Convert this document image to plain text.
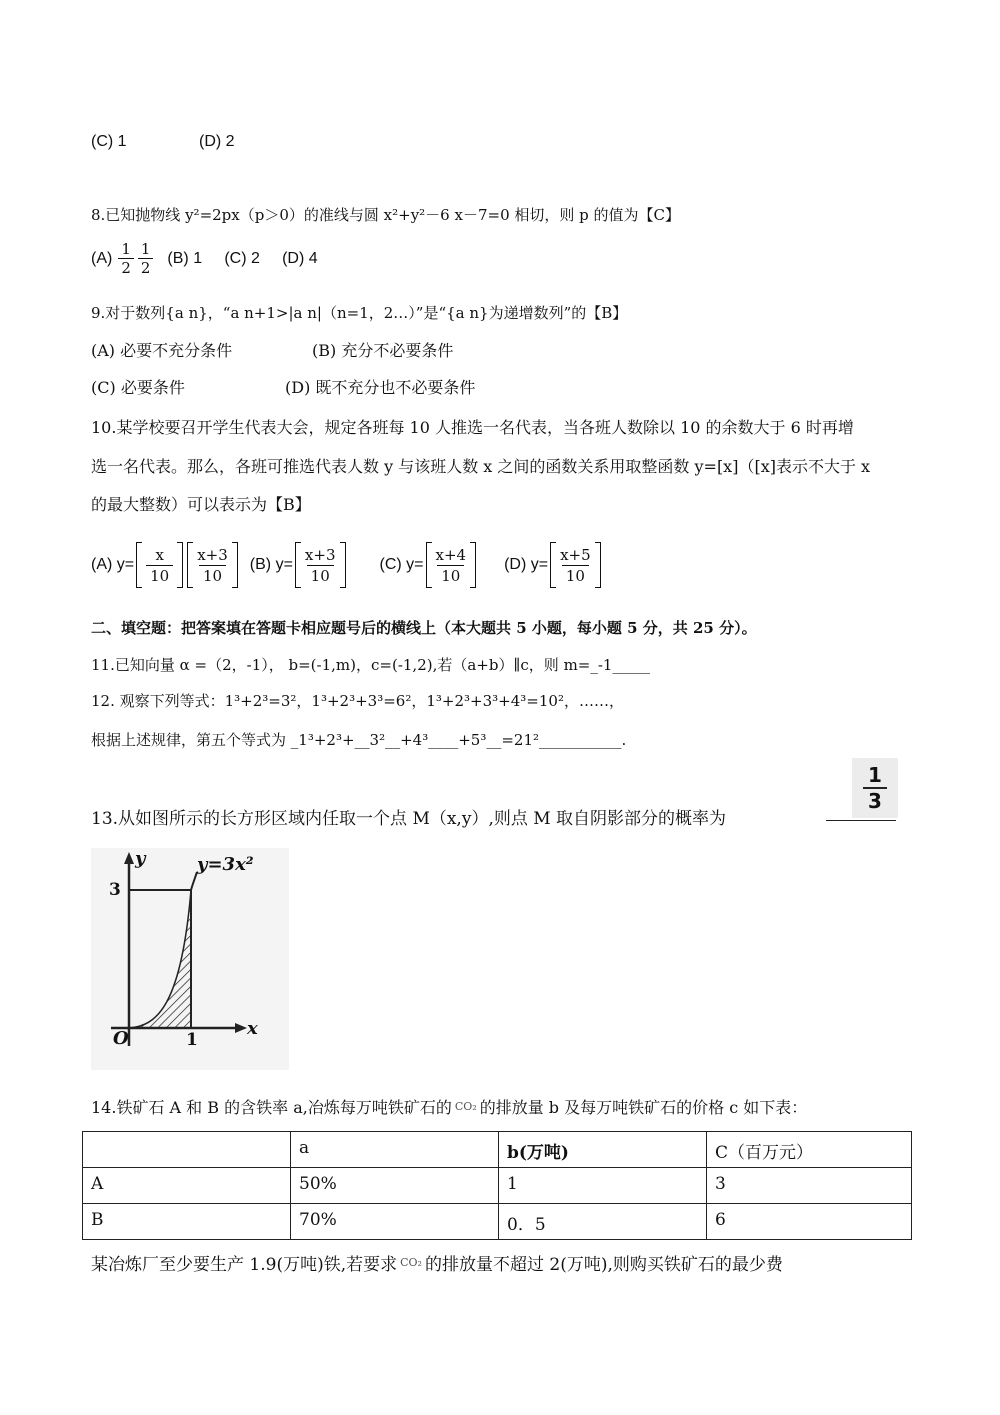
(C) 1	(D) 2
8.已知抛物线 y²=2px（p＞0）的准线与圆 x²+y²－6 x－7=0 相切，则 p 的值为【C】
$(A) \frac{1}{2} \frac{1}{2} (B)$ 1     (C) 2     (D) 4
9.对于数列{a n}，“a n+1>|a n|（n=1，2…）”是“{a n}为递增数列”的【B】
(A) 必要不充分条件	(B) 充分不必要条件
(C) 必要条件	(D) 既不充分也不必要条件
10.某学校要召开学生代表大会，规定各班每 10 人推选一名代表，当各班人数除以 10 的余数大于 6 时再增
选一名代表。那么，各班可推选代表人数 y 与该班人数 x 之间的函数关系用取整函数 y=[x]（[x]表示不大于 x
的最大整数）可以表示为【B】
(A) $y= \frac{x}{10} \frac{x+3}{10} (B)$ $y= \frac{x+3}{10}$	(C) $y= \frac{x+4}{10} (D)$ $y= \frac{x+5}{10}$
二、填空题：把答案填在答题卡相应题号后的横线上（本大题共 5 小题，每小题 5 分，共 25 分）。
11.已知向量 α =（2，-1）， b=(-1,m)，c=(-1,2),若（a+b）∥c，则 m=_-1_____
12. 观察下列等式：1³+2³=3²，1³+2³+3³=6²，1³+2³+3³+4³=10²，……，
根据上述规律，第五个等式为 _1³+2³+__3²__+4³____+5³__=21²___________.
13.从如图所示的长方形区域内任取一个点 M（x,y）,则点 M 取自阴影部分的概率为
1
3
y	y=3x²
3
O	1
x
14.铁矿石 A 和 B 的含铁率 a,冶炼每万吨铁矿石的 CO₂ 的排放量 b 及每万吨铁矿石的价格 c 如下表：
	a	b(万吨)	C（百万元）
A	50%	1	3
B	70%	0．5	6
某冶炼厂至少要生产 1.9(万吨)铁,若要求 $^{CO_2}$ 的排放量不超过 2(万吨),则购买铁矿石的最少费
